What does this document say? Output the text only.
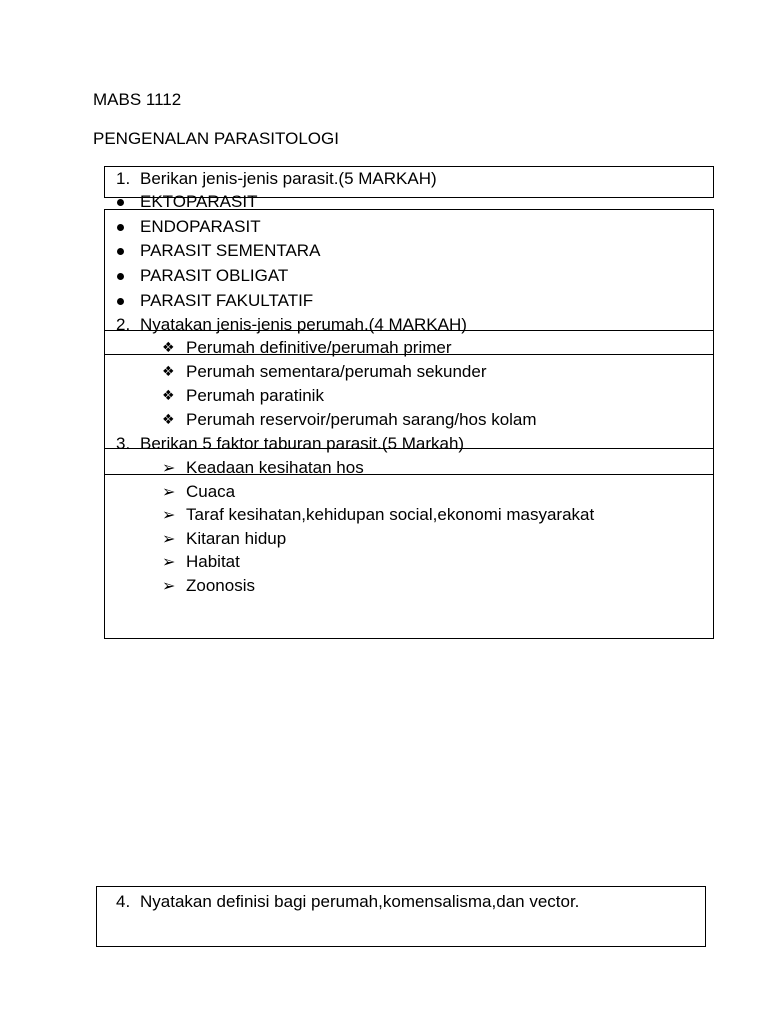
MABS 1112
PENGENALAN PARASITOLOGI
1. Berikan jenis-jenis parasit.(5 MARKAH)
EKTOPARASIT
ENDOPARASIT
PARASIT SEMENTARA
PARASIT OBLIGAT
PARASIT FAKULTATIF
2. Nyatakan jenis-jenis perumah.(4 MARKAH)
❖ Perumah definitive/perumah primer
❖ Perumah sementara/perumah sekunder
❖ Perumah paratinik
❖ Perumah reservoir/perumah sarang/hos kolam
3. Berikan 5 faktor taburan parasit.(5 Markah)
➢ Keadaan kesihatan hos
➢ Cuaca
➢ Taraf kesihatan,kehidupan social,ekonomi masyarakat
➢ Kitaran hidup
➢ Habitat
➢ Zoonosis
4. Nyatakan definisi bagi perumah,komensalisma,dan vector.
